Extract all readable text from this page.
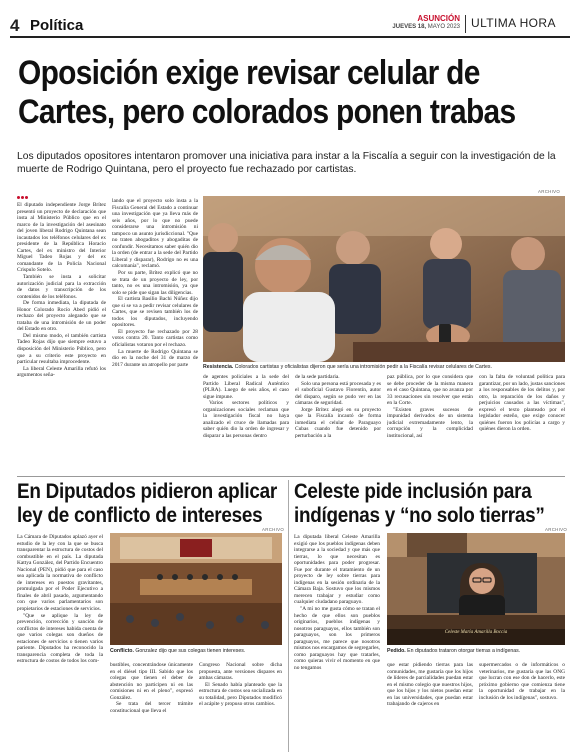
4 Política	ASUNCIÓN
JUEVES 18, MAYO 2023 ULTIMA HORA
Oposición exige revisar celular de
Cartes, pero colorados ponen trabas
Los diputados opositores intentaron promover una iniciativa para instar a la Fiscalía a seguir con la investigación de la muerte de Rodrigo Quintana, pero el proyecto fue rechazado por cartistas.
ARCHIVO

El diputado independiente Jorge Brítez presentó un proyecto de declaración que insta al Ministerio Público que en el marco de la investigación del asesinato del joven liberal Rodrigo Quintana sean incautados los teléfonos celulares del ex presidente de la República Horacio Cartes, del ex ministro del Interior Miguel Tadeo Rojas y del ex comandante de la Policía Nacional Crispulo Sotelo.

También se insta a solicitar autorización judicial para la extracción de datos y transcripción de los contenidos de los teléfonos.

De forma inmediata, la diputada de Honor Colorado Rocío Abed pidió el rechazo del proyecto alegando que se trataba de una intromisión de un poder del Estado en otro.

Del mismo modo, el también cartista Tadeo Rojas dijo que siempre estuvo a disposición del Ministerio Público, pero que a su criterio este proyecto en particular resultaba improcedente.

La liberal Celeste Amarilla refutó los argumentos seña-

lando que el proyecto solo insta a la Fiscalía General del Estado a continuar una investigación que ya lleva más de seis años, por lo que no puede considerarse una intromisión ni tampoco un asunto jurisdiccional. "Que no traten abogaditos y abogaditas de confundir. Necesitamos saber quién dio la orden (de entrar a la sede del Partido Liberal y disparar), Rodrigo no es una calcomanía", reclamó.

Por su parte, Brítez explicó que no se trata de un proyecto de ley, por tanto, no es una intromisión, ya que solo se pide que sigan las diligencias.

El cartista Basilio Bachi Núñez dijo que si se va a pedir revisar celulares de Cartes, que se revisen también los de todos los diputados, incluyendo opositores.

El proyecto fue rechazado por 28 votos contra 20. Tanto cartistas como oficialistas votaron por el rechazo.

La muerte de Rodrigo Quintana se dio en la noche del 31 de marzo de 2017 durante un atropello por parte	Resistencia. Colorados cartistas y oficialistas dijeron que sería una intromisión pedir a la Fiscalía revisar celulares de Cartes.

de agentes policiales a la sede del Partido Liberal Radical Auténtico (PLRA). Luego de seis años, el caso sigue impune.

Varios sectores políticos y organizaciones sociales reclaman que la investigación fiscal no haya analizado el cruce de llamadas para saber quién dio la orden de ingresar y disparar a las personas dentro

de la sede partidaria.

Solo una persona está procesada y es el suboficial Gustavo Florentín, autor del disparo, según se pudo ver en las cámaras de seguridad.

Jorge Brítez alegó en su proyecto que la Fiscalía incautó de forma inmediata el celular de Paraguayo Cubas cuando fue detenido por perturbación a la

paz pública, por lo que considera que se debe proceder de la misma manera en el caso Quintana, que no avanza por 33 recusaciones sin resolver que están en la Corte.

"Existen graves sucesos de impunidad derivados de un sistema judicial extremadamente lento, la corrupción y la complicidad institucional, así

con la falta de voluntad política para garantizar, por un lado, justas sanciones a los responsables de los delitos y, por otro, la reparación de los daños y perjuicios causados a las víctimas", expresó el texto planteado por el legislador esteño, que exige conocer quiénes fueron los policías a cargo y quiénes dieron la orden.

En Diputados pidieron aplicar
ley de conflicto de intereses

La Cámara de Diputados aplazó ayer el estudio de la ley con la que se busca transparentar la estructura de costos del combustible en el país. La diputada Kattya González, del Partido Encuentro Nacional (PEN), pidió que para el caso sea aplicada la normativa de conflicto de intereses en puestos gravitantes, promulgada por el Poder Ejecutivo a finales de abril pasado, argumentando con que varios parlamentarios son propietarios de estaciones de servicios.

"Que se aplique la ley de prevención, corrección y sanción de conflictos de intereses habida cuenta de que varios colegas son dueños de estaciones de servicios o tienen varios pariente. Diputados ha reconocido la transparencia completa de toda la estructura de costos de todos los com-

ARCHIVO
Conflicto. Gonzalez dijo que sus colegas tienen intereses.

bustibles, concentrándose únicamente en el diésel tipo III. Sabido que los colegas que tienen el deber de abstención no participen ni en las comisiones ni en el pleno", expresó González.

Se trata del tercer trámite constitucional que lleva el

Congreso Nacional sobre dicha propuesta, ante versiones dispares en ambas cámaras.

El Senado había planteado que la estructura de costos sea socializada en su totalidad, pero Diputados modificó el acápite y propuso otros cambios.

Celeste pide inclusión para
indígenas y “no solo tierras”

La diputada liberal Celeste Amarilla exigió que los pueblos indígenas deben integrarse a la sociedad y que más que tierras, lo que necesitan es oportunidades para poder progresar. Fue por durante el tratamiento de un proyecto de ley sobre tierras para indígenas en la sesión ordinaria de la Cámara Baja. Sostuvo que los mismos merecen trabajar y estudiar como cualquier ciudadano paraguayo.

"A mí no me gusta cómo se tratan el hecho de que ellos son pueblos originarios, pueblos indígenas y nosotros paraguayos, ellos también son paraguayos, son los primeros paraguayos, me parece que nosotros mismos nos encargamos de segregarles, como paraguayos hay que tratarles, como quieras vivir el momento en que no tengamos

ARCHIVO
Celeste María Amarilla Boccia
Pedido. En diputados trataron otorgar tierras a indígenas.

que estar pidiendo tierras para las comunidades, me gustaría que los hijos de líderes de parcialidades puedan estar en el mismo colegio que nuestros hijos, que los hijos y los nietos puedan estar en las universidades, que puedan estar trabajando de cajeros en

supermercados o de informáticos o veterinarios, me gustaría que las ONG que lucran con ese don de hacerlo, este próximo gobierno que comienza tiene la oportunidad de trabajar en la inclusión de los indígenas", sostuvo.
